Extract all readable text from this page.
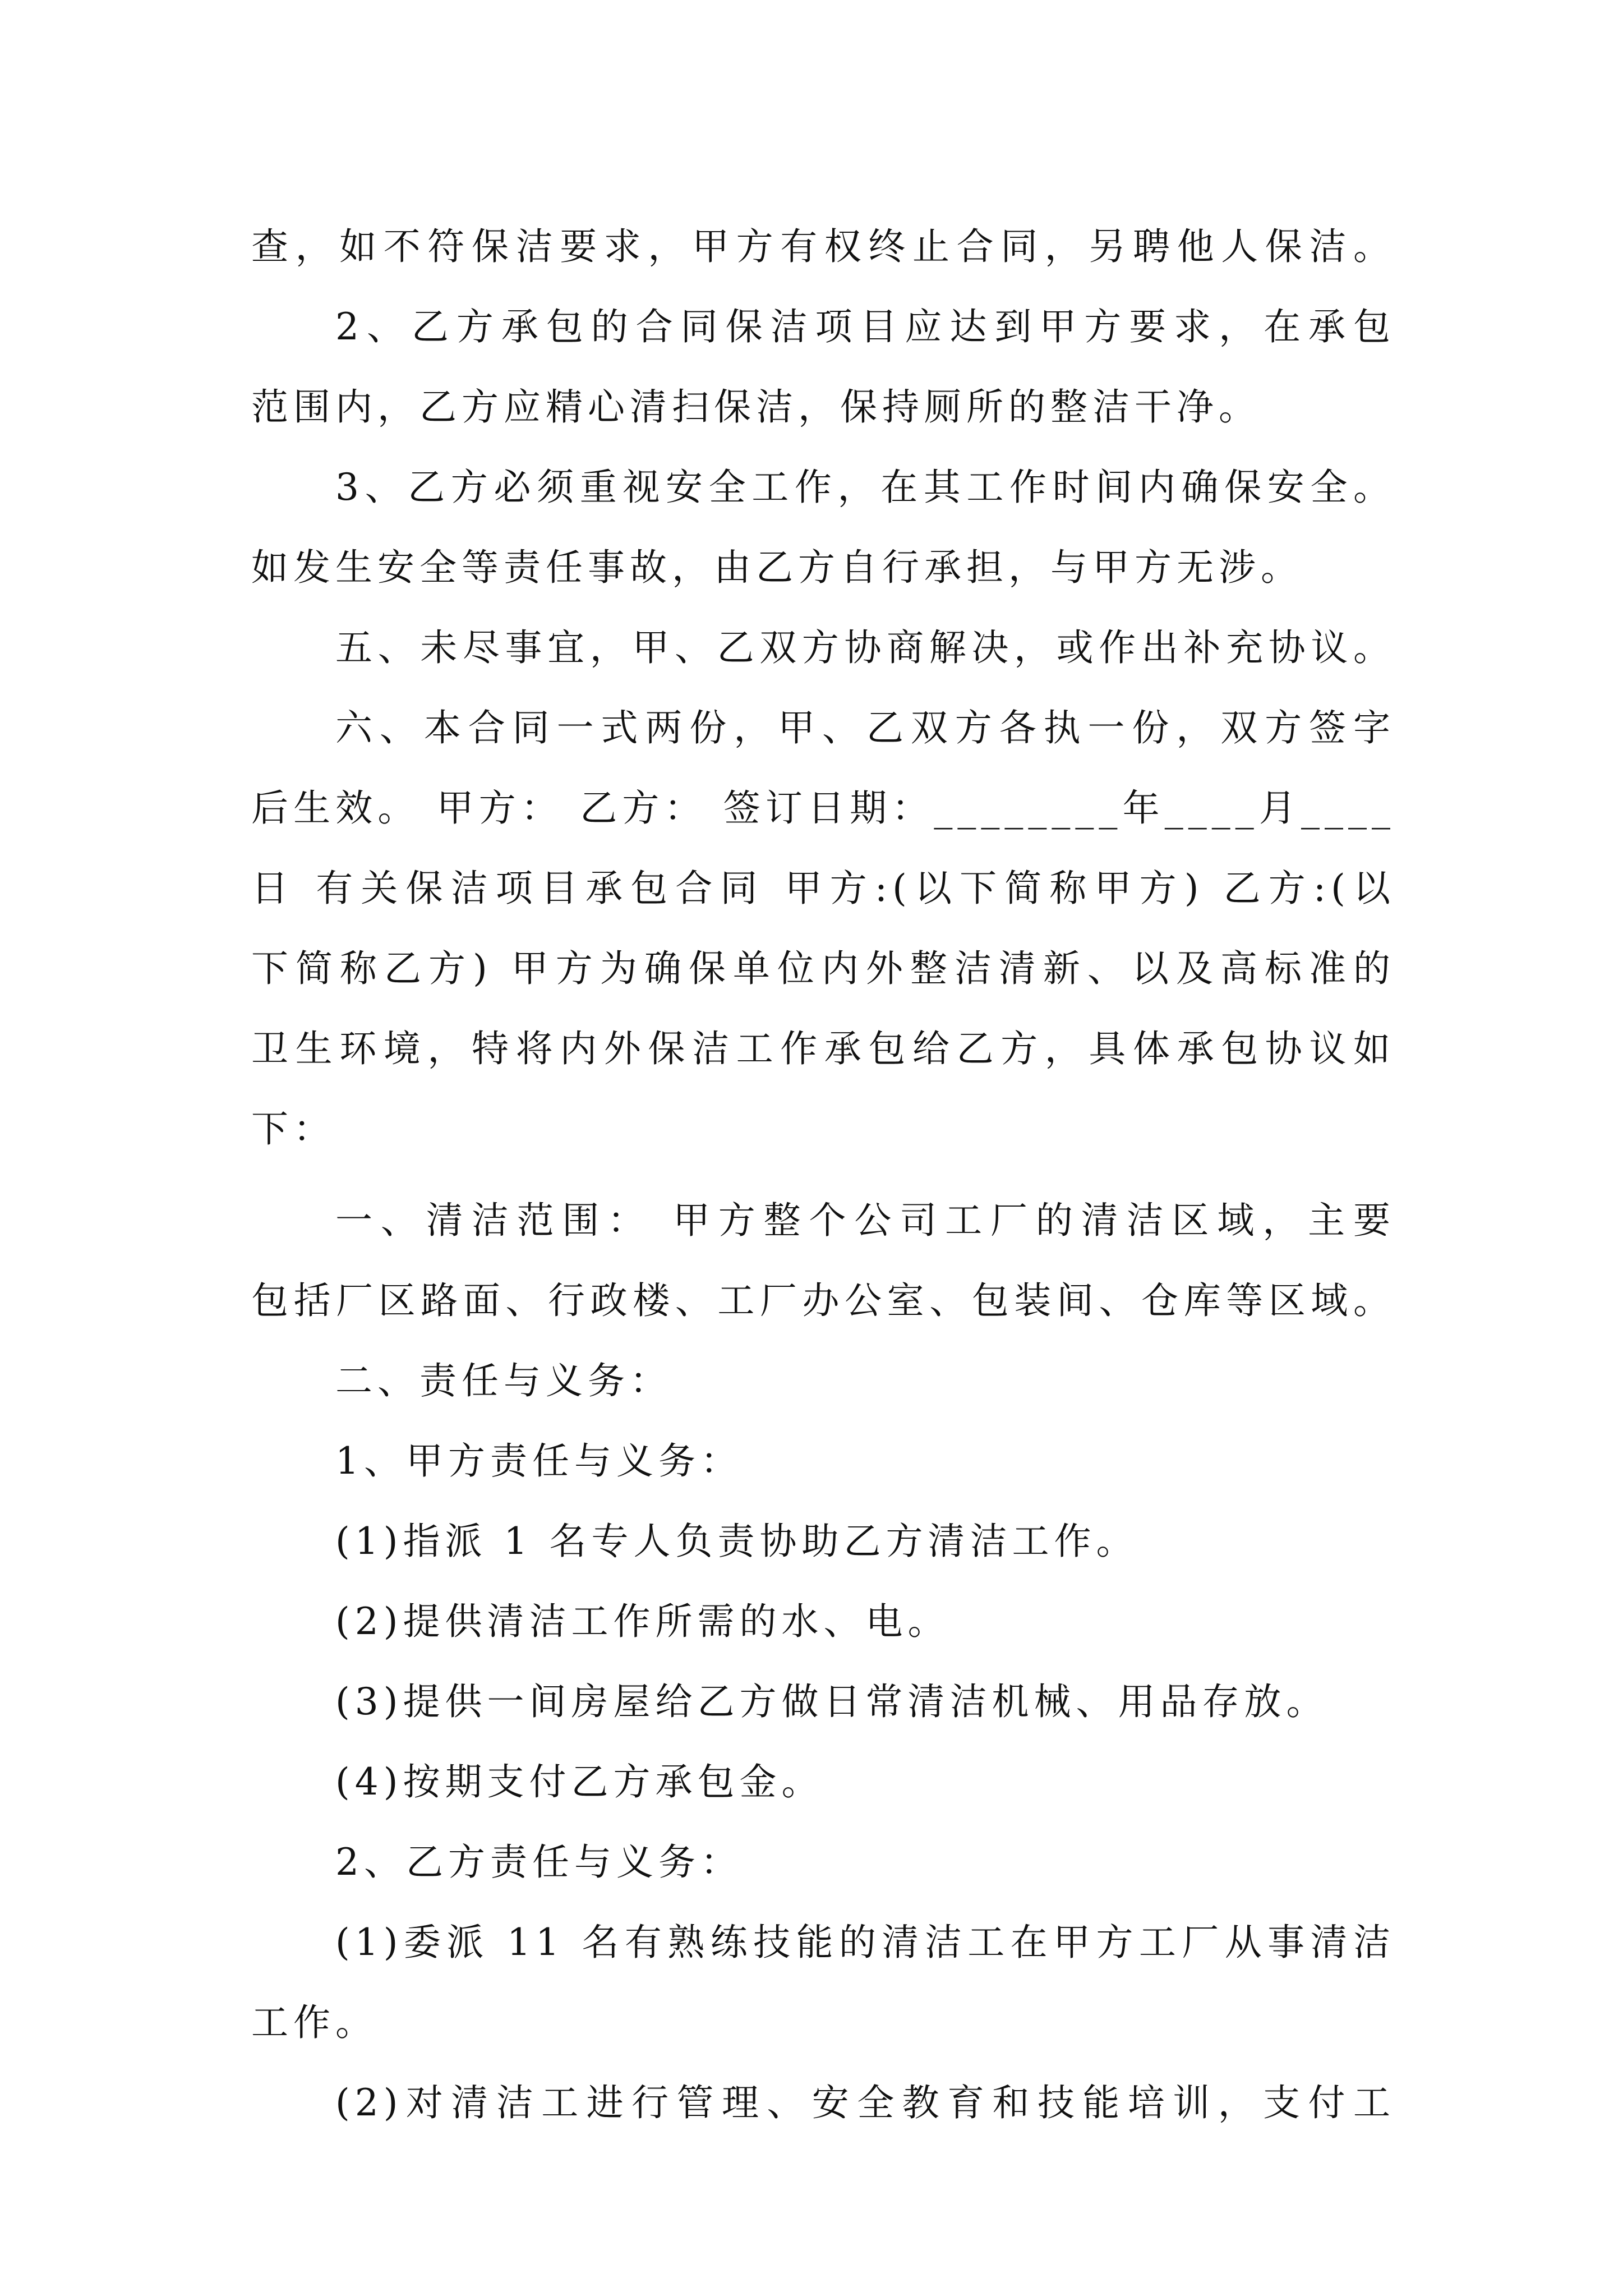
查，如不符保洁要求，甲方有权终止合同，另聘他人保洁。
2、乙方承包的合同保洁项目应达到甲方要求，在承包
范围内，乙方应精心清扫保洁，保持厕所的整洁干净。
3、乙方必须重视安全工作，在其工作时间内确保安全。
如发生安全等责任事故，由乙方自行承担，与甲方无涉。
五、未尽事宜，甲、乙双方协商解决，或作出补充协议。
六、本合同一式两份，甲、乙双方各执一份，双方签字
后生效。 甲方： 乙方： 签订日期：________年____月____
日 有关保洁项目承包合同 甲方:(以下简称甲方) 乙方:(以
下简称乙方) 甲方为确保单位内外整洁清新、以及高标准的
卫生环境，特将内外保洁工作承包给乙方，具体承包协议如
下：
一、清洁范围： 甲方整个公司工厂的清洁区域，主要
包括厂区路面、行政楼、工厂办公室、包装间、仓库等区域。
二、责任与义务：
1、甲方责任与义务：
(1)指派 1 名专人负责协助乙方清洁工作。
(2)提供清洁工作所需的水、电。
(3)提供一间房屋给乙方做日常清洁机械、用品存放。
(4)按期支付乙方承包金。
2、乙方责任与义务：
(1)委派 11 名有熟练技能的清洁工在甲方工厂从事清洁
工作。
(2)对清洁工进行管理、安全教育和技能培训，支付工
